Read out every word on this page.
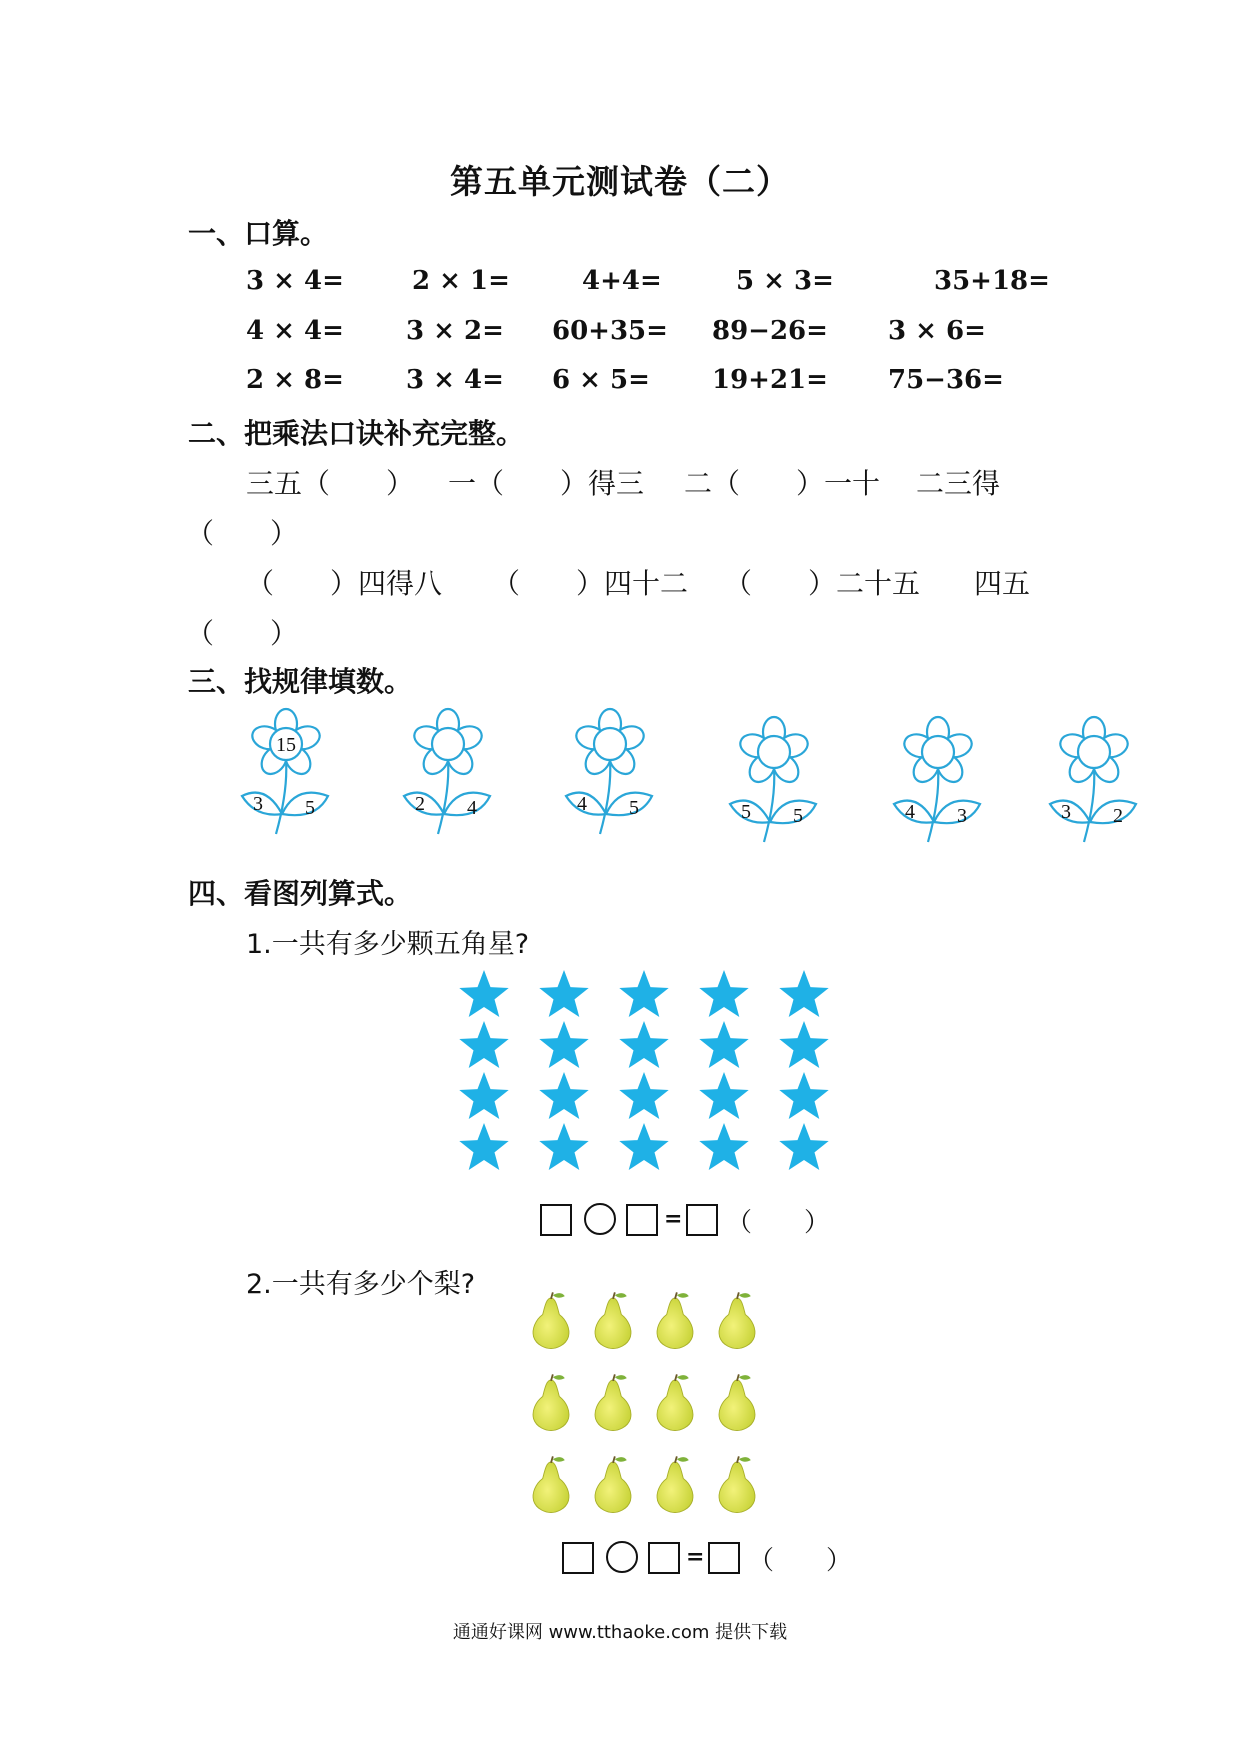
第五单元测试卷（二）
一、口算。
3 × 4=	2 × 1=	4+4=	5 × 3=	35+18=
4 × 4= 3 × 2= 60+35= 89−26= 3 × 6=
2 × 8= 3 × 4= 6 × 5= 19+21= 75−36=
二、把乘法口诀补充完整。
三五（　　） 一（　　）得三 二（　　）一十 二三得
（　　）
（　　）四得八 （　　）四十二 （　　）二十五 四五
（　　）
三、找规律填数。
15
3 5	2 4	4 5	5 5	4 3	3 2
四、看图列算式。
1.一共有多少颗五角星?
= （　　）
2.一共有多少个梨?
= （　　）
通通好课网 www.tthaoke.com 提供下载
